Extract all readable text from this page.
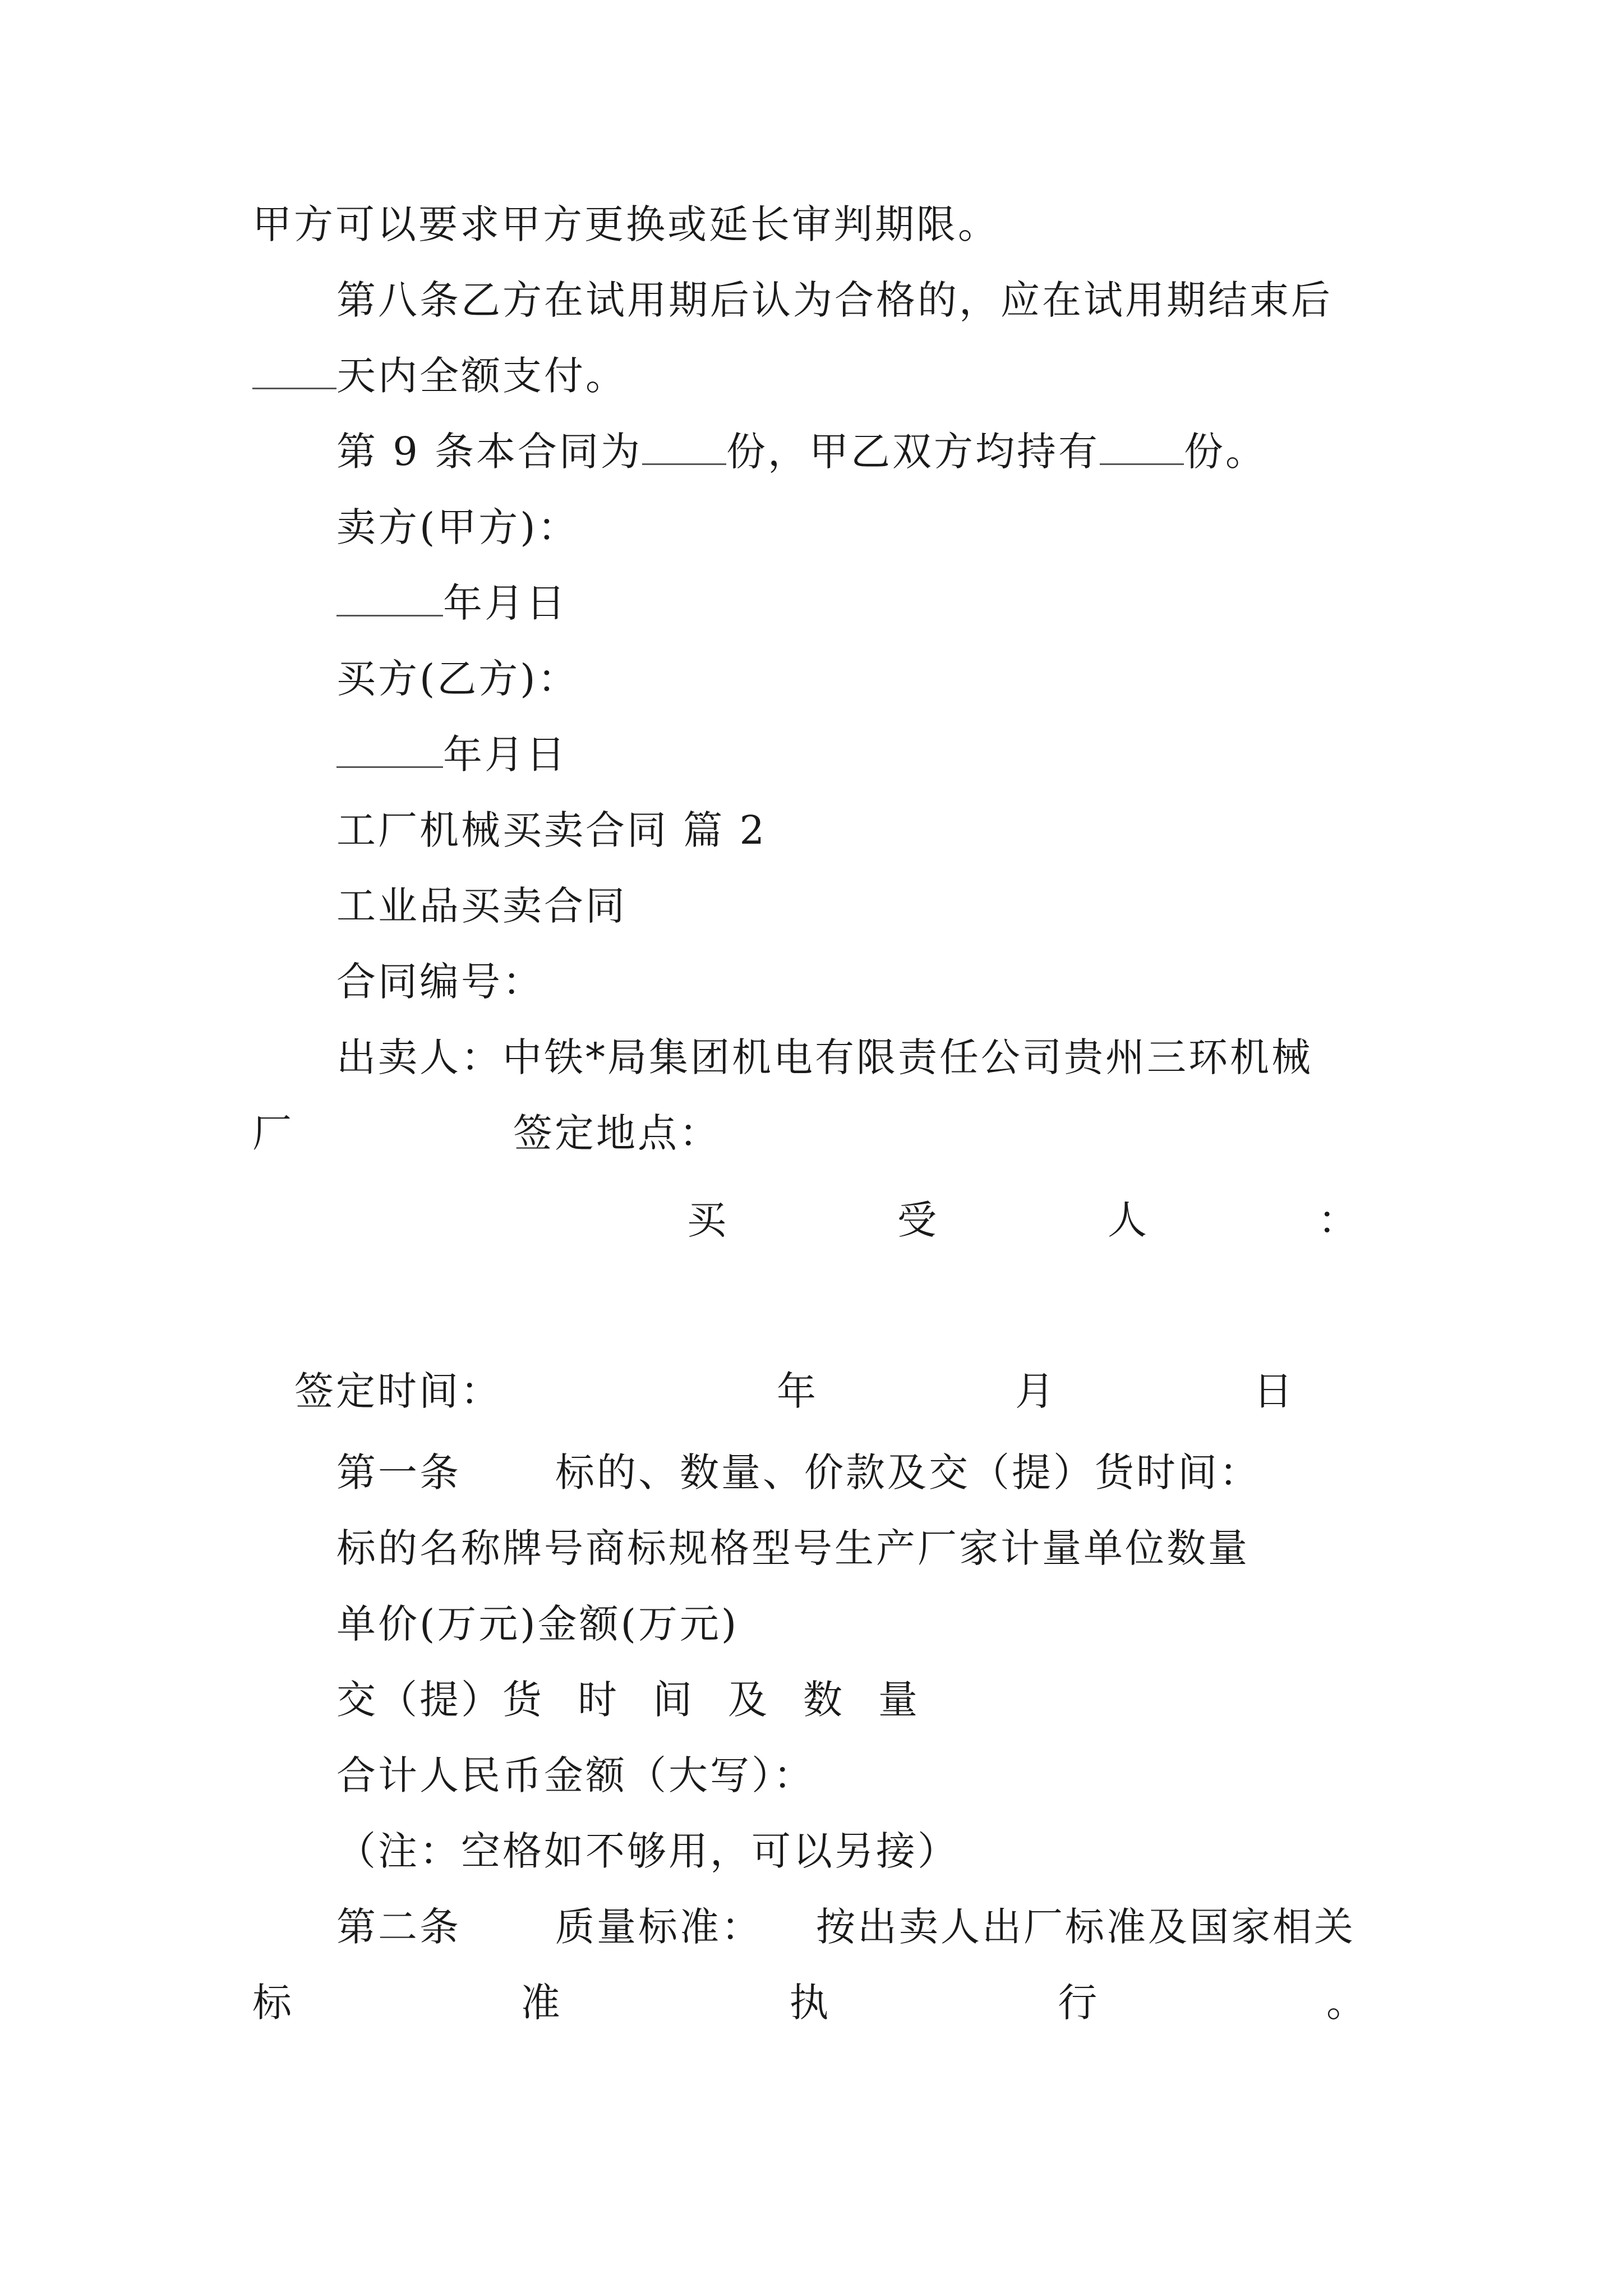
甲方可以要求甲方更换或延长审判期限。
第八条乙方在试用期后认为合格的，应在试用期结束后
天内全额支付。
第 9 条本合同为 份，甲乙双方均持有 份。
卖方(甲方)：
年月日
买方(乙方)：
年月日
工厂机械买卖合同 篇 2
工业品买卖合同
合同编号：
出卖人：中铁*局集团机电有限责任公司贵州三环机械
厂	签定地点：
买	受	人	：
签定时间：	年	月	日
第一条 标的、数量、价款及交（提）货时间：
标的名称牌号商标规格型号生产厂家计量单位数量
单价(万元)金额(万元)
交（提）货 时 间 及 数 量
合计人民币金额（大写）：
（注：空格如不够用，可以另接）
第二条 质量标准： 按出卖人出厂标准及国家相关
标	准	执	行	。
